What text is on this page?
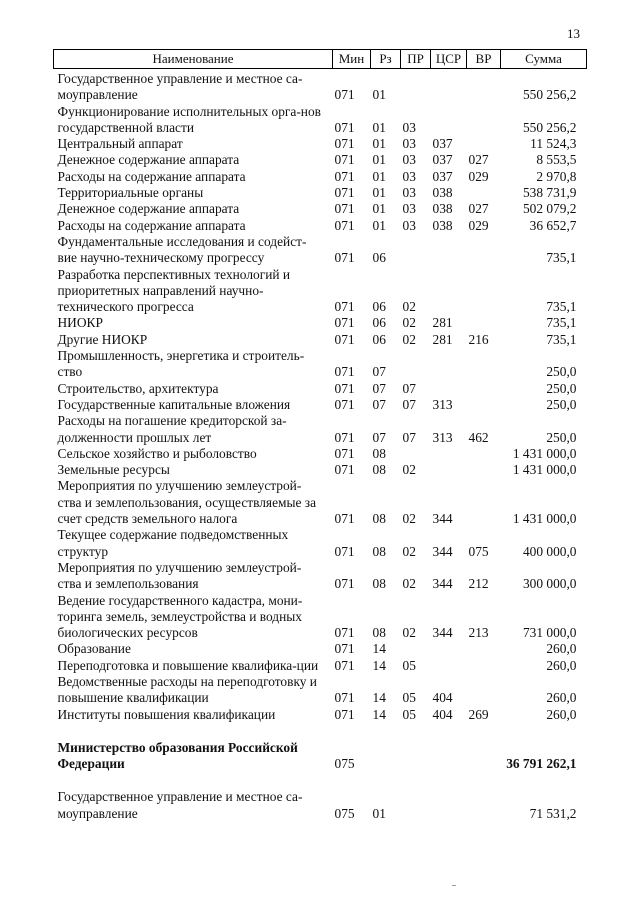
13
Наименование	Мин	Рз	ПР	ЦСР	ВР	Сумма
Государственное управление и местное са-моуправление	071	01				550 256,2
Функционирование исполнительных орга-нов государственной власти	071	01	03			550 256,2
Центральный аппарат	071	01	03	037		11 524,3
Денежное содержание аппарата	071	01	03	037	027	8 553,5
Расходы на содержание аппарата	071	01	03	037	029	2 970,8
Территориальные органы	071	01	03	038		538 731,9
Денежное содержание аппарата	071	01	03	038	027	502 079,2
Расходы на содержание аппарата	071	01	03	038	029	36 652,7
Фундаментальные исследования и содейст-вие научно-техническому прогрессу	071	06				735,1
Разработка перспективных технологий и приоритетных направлений научно-технического прогресса	071	06	02			735,1
НИОКР	071	06	02	281		735,1
Другие НИОКР	071	06	02	281	216	735,1
Промышленность, энергетика и строитель-ство	071	07				250,0
Строительство, архитектура	071	07	07			250,0
Государственные капитальные вложения	071	07	07	313		250,0
Расходы на погашение кредиторской за-долженности прошлых лет	071	07	07	313	462	250,0
Сельское хозяйство и рыболовство	071	08				1 431 000,0
Земельные ресурсы	071	08	02			1 431 000,0
Мероприятия по улучшению землеустрой-ства и землепользования, осуществляемые за счет средств земельного налога	071	08	02	344		1 431 000,0
Текущее содержание подведомственных структур	071	08	02	344	075	400 000,0
Мероприятия по улучшению землеустрой-ства и землепользования	071	08	02	344	212	300 000,0
Ведение государственного кадастра, мони-торинга земель, землеустройства и водных биологических ресурсов	071	08	02	344	213	731 000,0
Образование	071	14				260,0
Переподготовка и повышение квалифика-ции	071	14	05			260,0
Ведомственные расходы на переподготовку и повышение квалификации	071	14	05	404		260,0
Институты повышения квалификации	071	14	05	404	269	260,0

Министерство образования Российской Федерации	075					36 791 262,1

Государственное управление и местное са-моуправление	075	01				71 531,2
